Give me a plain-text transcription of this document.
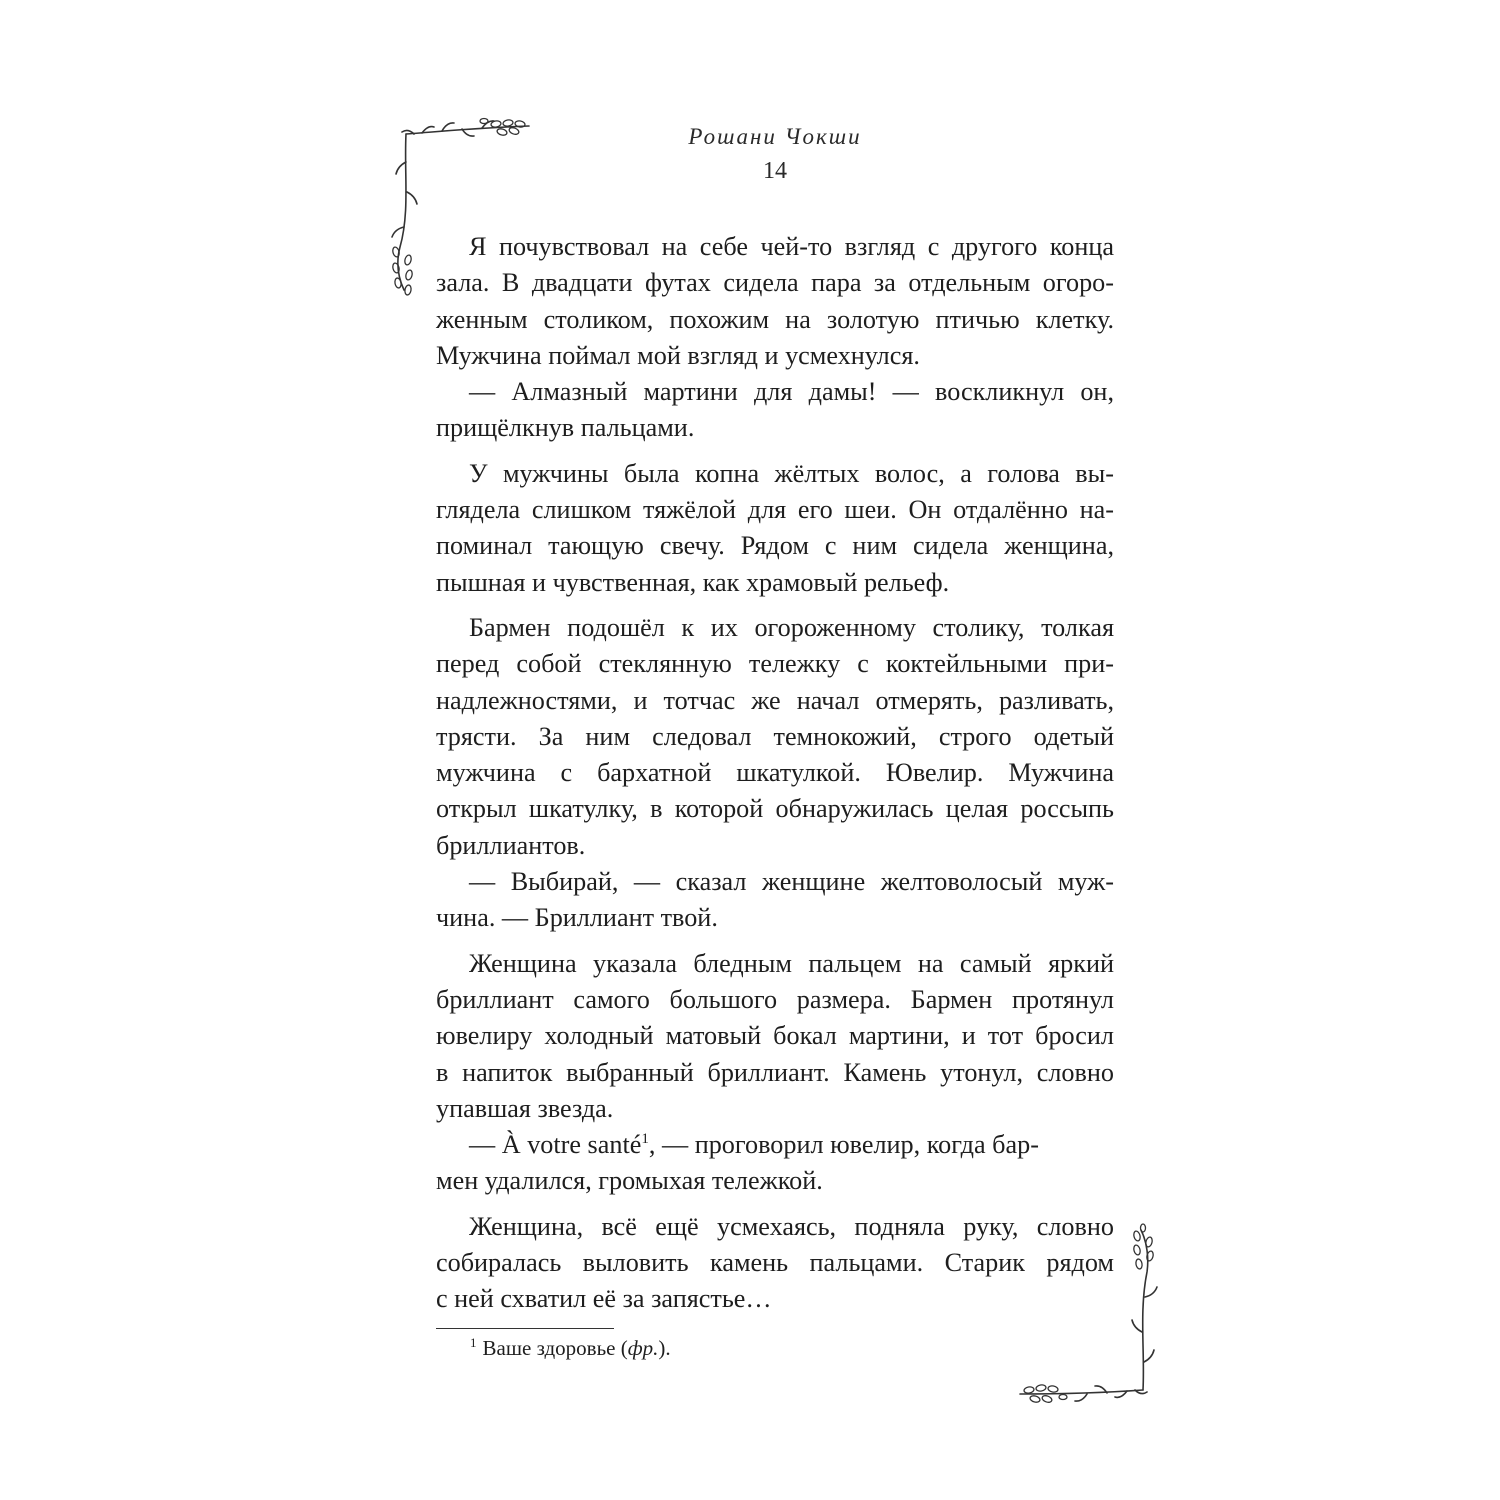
Рошани Чокши
14
Я почувствовал на себе чей-то взгляд с другого конца
зала. В двадцати футах сидела пара за отдельным огоро-
женным столиком, похожим на золотую птичью клетку.
Мужчина поймал мой взгляд и усмехнулся.
— Алмазный мартини для дамы! — воскликнул он,
прищёлкнув пальцами.
У мужчины была копна жёлтых волос, а голова вы-
глядела слишком тяжёлой для его шеи. Он отдалённо на-
поминал тающую свечу. Рядом с ним сидела женщина,
пышная и чувственная, как храмовый рельеф.
Бармен подошёл к их огороженному столику, толкая
перед собой стеклянную тележку с коктейльными при-
надлежностями, и тотчас же начал отмерять, разливать,
трясти. За ним следовал темнокожий, строго одетый
мужчина с бархатной шкатулкой. Ювелир. Мужчина
открыл шкатулку, в которой обнаружилась целая россыпь
бриллиантов.
— Выбирай, — сказал женщине желтоволосый муж-
чина. — Бриллиант твой.
Женщина указала бледным пальцем на самый яркий
бриллиант самого большого размера. Бармен протянул
ювелиру холодный матовый бокал мартини, и тот бросил
в напиток выбранный бриллиант. Камень утонул, словно
упавшая звезда.
— À votre santé$^1$, — проговорил ювелир, когда бар-
мен удалился, громыхая тележкой.
Женщина, всё ещё усмехаясь, подняла руку, словно
собиралась выловить камень пальцами. Старик рядом
с ней схватил её за запястье…
$^1$ Ваше здоровье (фр.).
